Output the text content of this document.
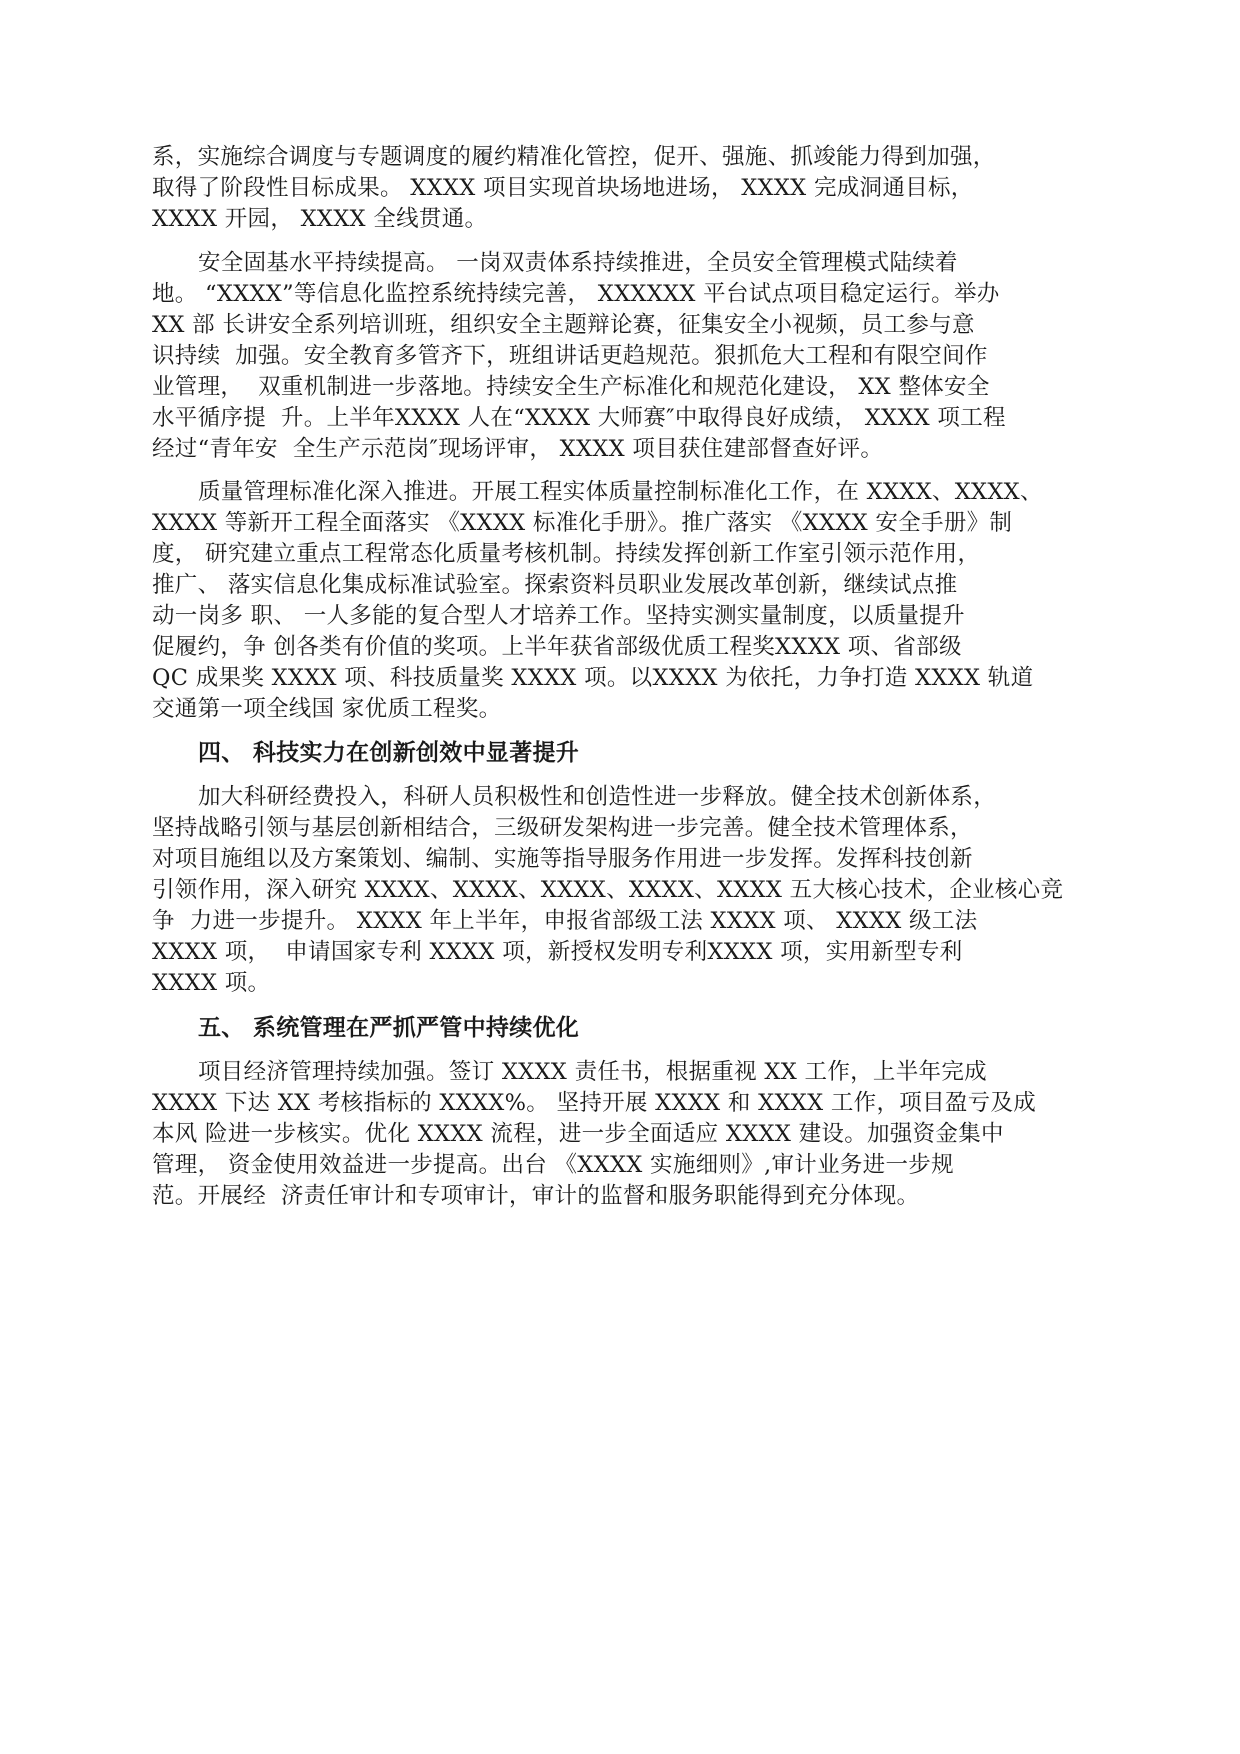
系，实施综合调度与专题调度的履约精准化管控，促开、强施、抓竣能力得到加强，
取得了阶段性目标成果。 XXXX 项目实现首块场地进场， XXXX 完成洞通目标，
XXXX 开园， XXXX 全线贯通。
安全固基水平持续提高。 一岗双责体系持续推进，全员安全管理模式陆续着
地。 “XXXX”等信息化监控系统持续完善， XXXXXX 平台试点项目稳定运行。举办
XX 部 长讲安全系列培训班，组织安全主题辩论赛，征集安全小视频，员工参与意
识持续  加强。安全教育多管齐下，班组讲话更趋规范。狠抓危大工程和有限空间作
业管理，  双重机制进一步落地。持续安全生产标准化和规范化建设， XX 整体安全
水平循序提  升。上半年XXXX 人在“XXXX 大师赛″中取得良好成绩， XXXX 项工程
经过“青年安  全生产示范岗″现场评审， XXXX 项目获住建部督查好评。
质量管理标准化深入推进。开展工程实体质量控制标准化工作，在 XXXX、XXXX、
XXXX 等新开工程全面落实 《XXXX 标准化手册》。推广落实 《XXXX 安全手册》制
度， 研究建立重点工程常态化质量考核机制。持续发挥创新工作室引领示范作用，
推广、 落实信息化集成标准试验室。探索资料员职业发展改革创新，继续试点推
动一岗多 职、 一人多能的复合型人才培养工作。坚持实测实量制度，以质量提升
促履约，争 创各类有价值的奖项。上半年获省部级优质工程奖XXXX 项、省部级
QC 成果奖 XXXX 项、科技质量奖 XXXX 项。以XXXX 为依托，力争打造 XXXX 轨道
交通第一项全线国 家优质工程奖。
四、 科技实力在创新创效中显著提升
加大科研经费投入，科研人员积极性和创造性进一步释放。健全技术创新体系，
坚持战略引领与基层创新相结合，三级研发架构进一步完善。健全技术管理体系，
对项目施组以及方案策划、编制、实施等指导服务作用进一步发挥。发挥科技创新
引领作用，深入研究 XXXX、XXXX、XXXX、XXXX、XXXX 五大核心技术，企业核心竞
争  力进一步提升。 XXXX 年上半年，申报省部级工法 XXXX 项、 XXXX 级工法
XXXX 项，  申请国家专利 XXXX 项，新授权发明专利XXXX 项，实用新型专利
XXXX 项。
五、 系统管理在严抓严管中持续优化
项目经济管理持续加强。签订 XXXX 责任书，根据重视 XX 工作，上半年完成
XXXX 下达 XX 考核指标的 XXXX%。 坚持开展 XXXX 和 XXXX 工作，项目盈亏及成
本风 险进一步核实。优化 XXXX 流程，进一步全面适应 XXXX 建设。加强资金集中
管理， 资金使用效益进一步提高。出台 《XXXX 实施细则》,审计业务进一步规
范。开展经  济责任审计和专项审计，审计的监督和服务职能得到充分体现。
